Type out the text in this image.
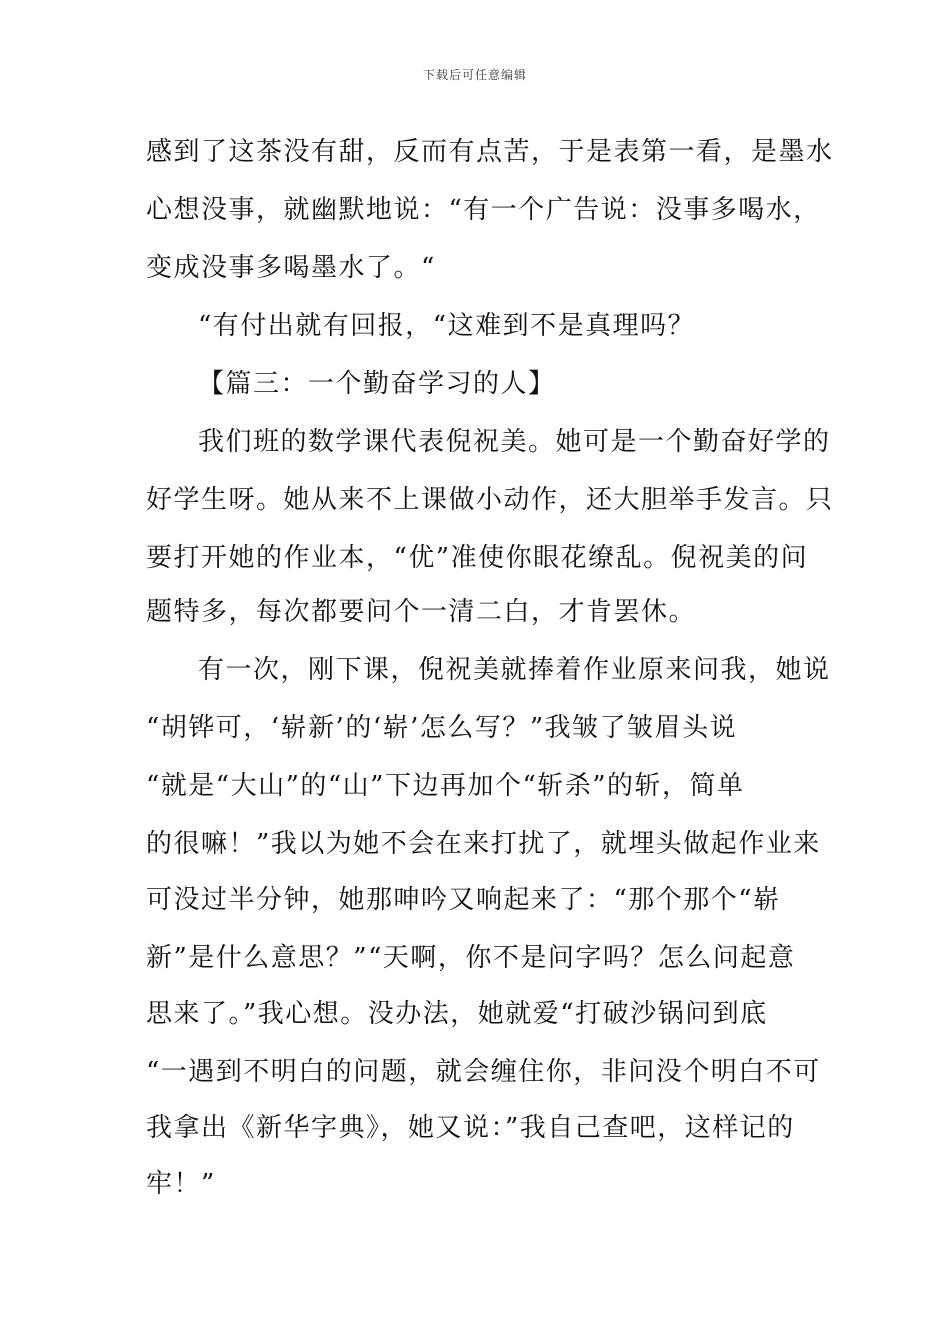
下载后可任意编辑
感到了这茶没有甜，反而有点苦，于是表第一看，是墨水
心想没事，就幽默地说：“有一个广告说：没事多喝水，
变成没事多喝墨水了。“
“有付出就有回报，“这难到不是真理吗？
【篇三：一个勤奋学习的人】
我们班的数学课代表倪祝美。她可是一个勤奋好学的
好学生呀。她从来不上课做小动作，还大胆举手发言。只
要打开她的作业本，“优”准使你眼花缭乱。倪祝美的问
题特多，每次都要问个一清二白，才肯罢休。
有一次，刚下课，倪祝美就捧着作业原来问我，她说
“胡铧可，‘崭新’的‘崭’怎么写？”我皱了皱眉头说
“就是“大山”的“山”下边再加个“斩杀”的斩，简单
的很嘛！”我以为她不会在来打扰了，就埋头做起作业来
可没过半分钟，她那呻吟又响起来了：“那个那个“崭
新”是什么意思？”“天啊，你不是问字吗？怎么问起意
思来了。”我心想。没办法，她就爱“打破沙锅问到底
“一遇到不明白的问题，就会缠住你，非问没个明白不可
我拿出《新华字典》，她又说：”我自己查吧，这样记的
牢！”
